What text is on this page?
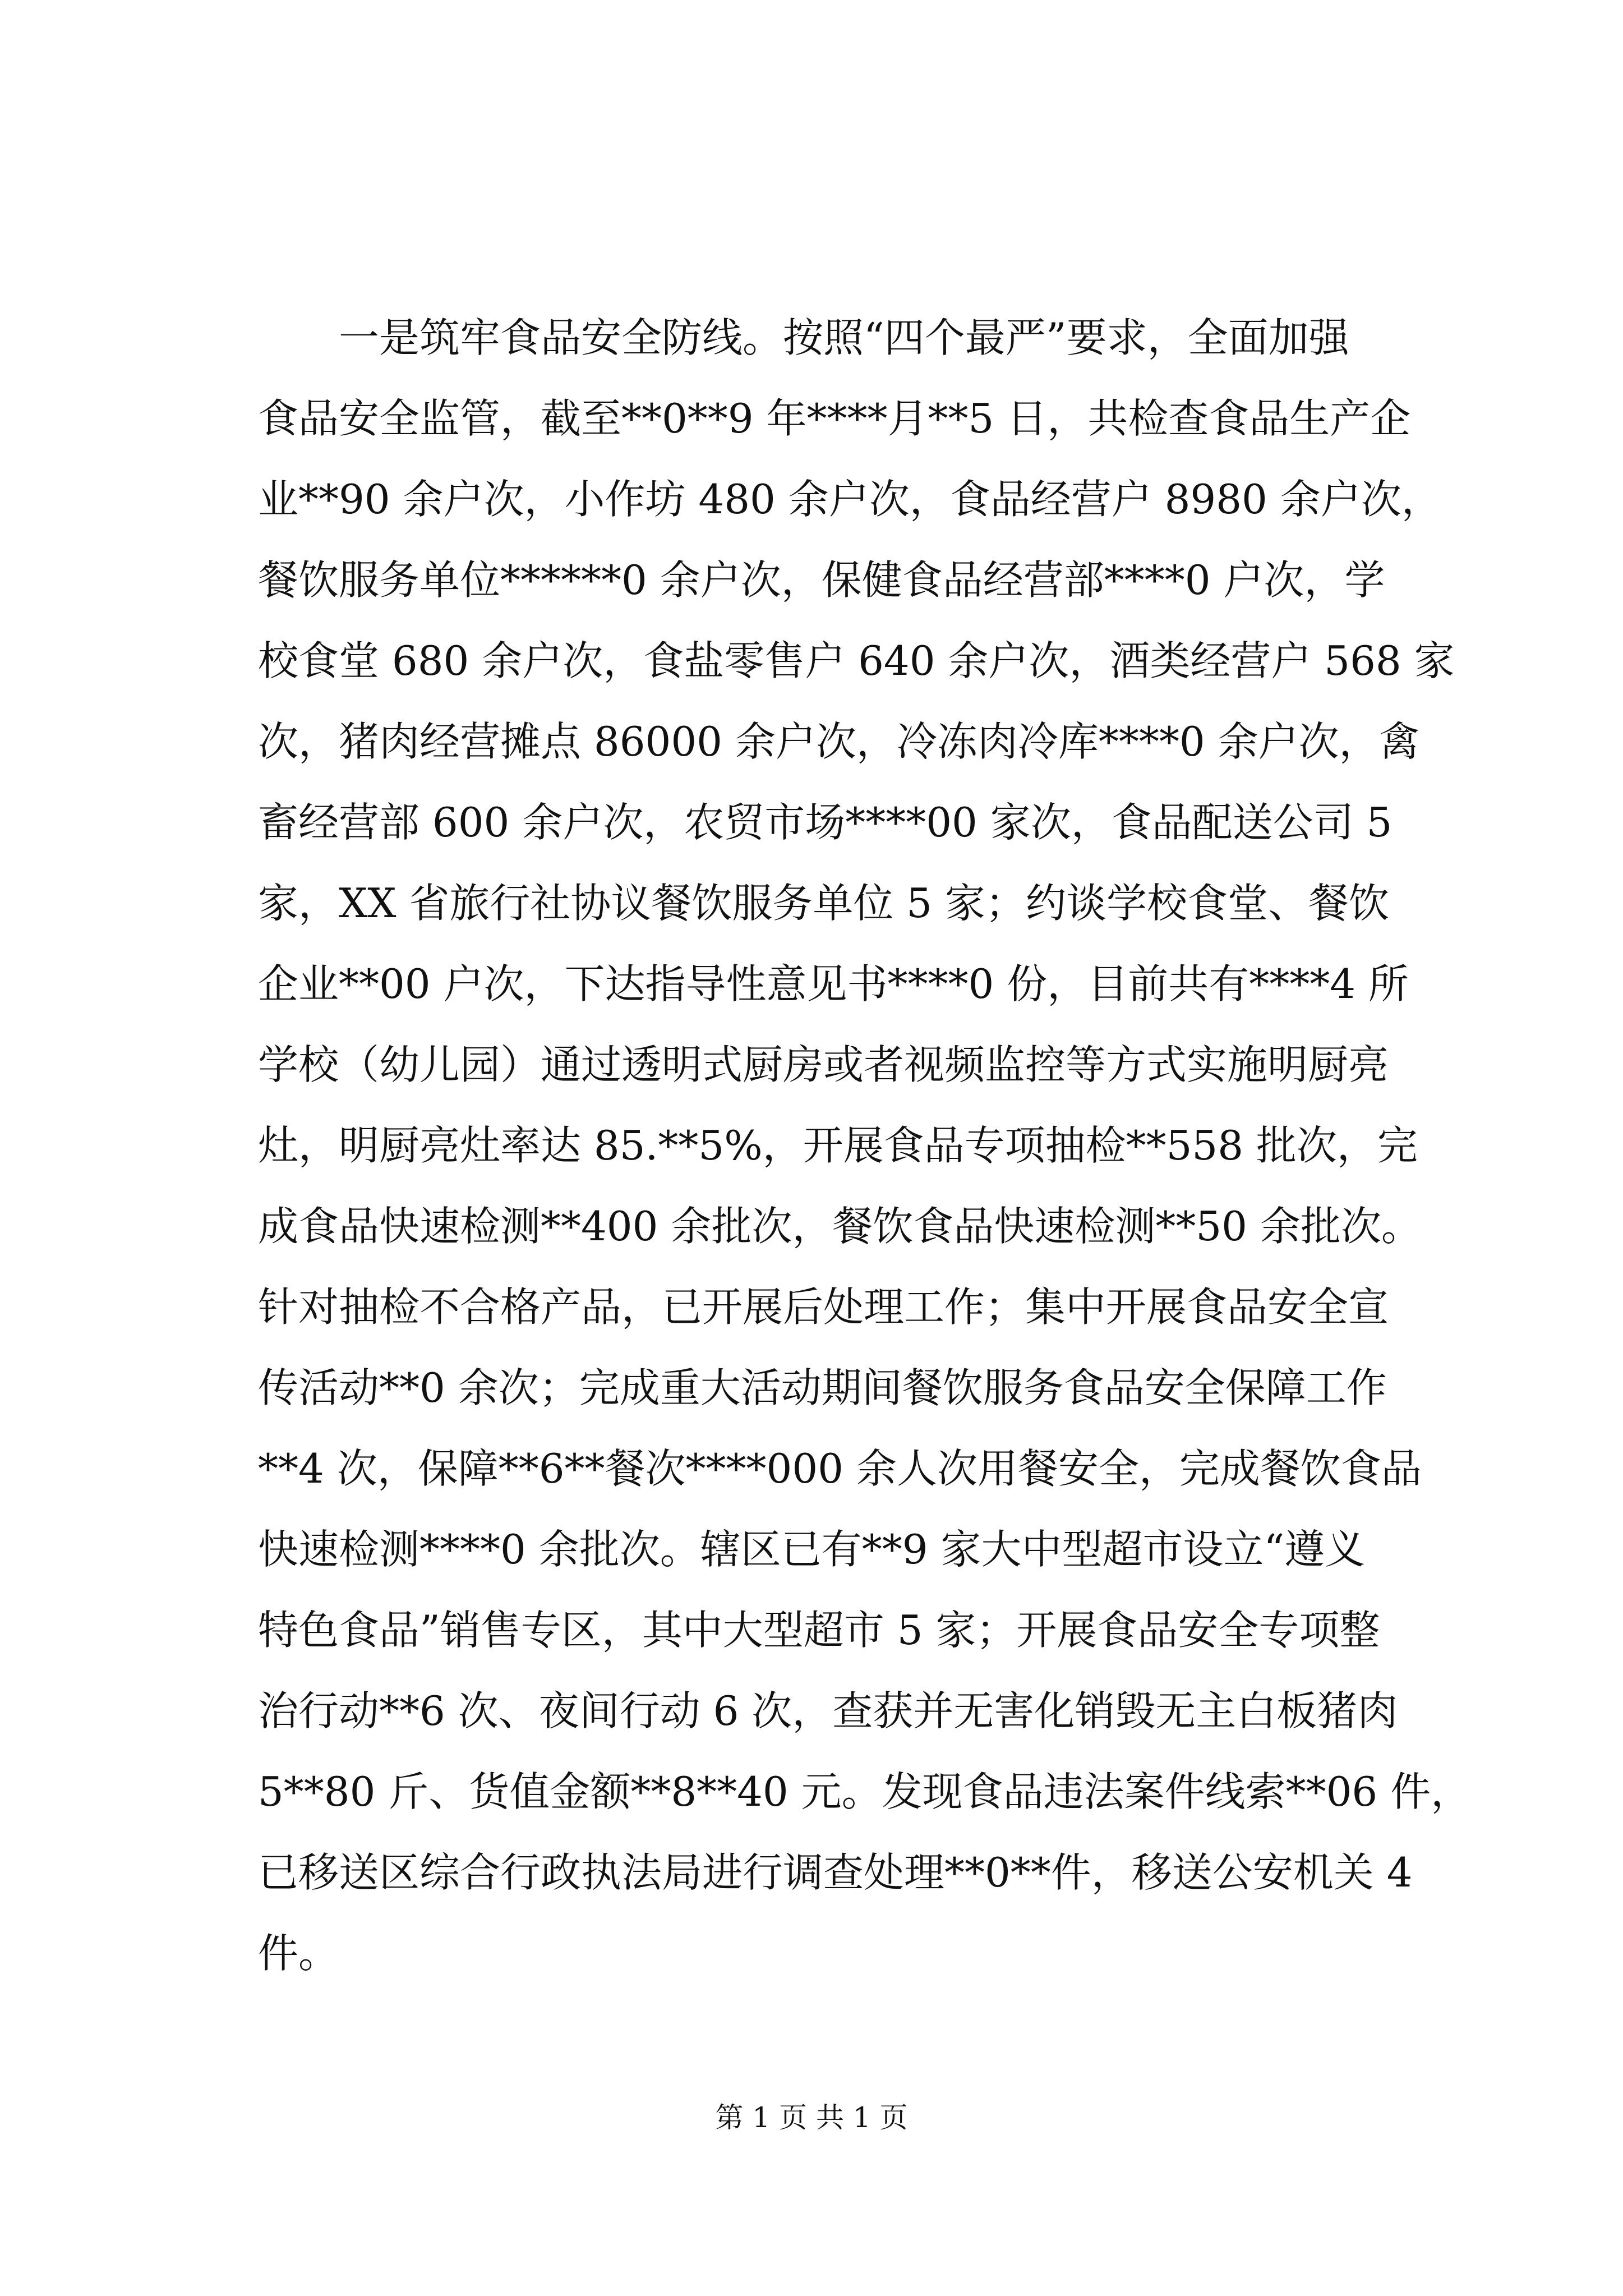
一是筑牢食品安全防线。按照“四个最严”要求，全面加强
食品安全监管，截至**0**9 年****月**5 日，共检查食品生产企
业**90 余户次，小作坊 480 余户次，食品经营户 8980 余户次，
餐饮服务单位******0 余户次，保健食品经营部****0 户次，学
校食堂 680 余户次，食盐零售户 640 余户次，酒类经营户 568 家
次，猪肉经营摊点 86000 余户次，冷冻肉冷库****0 余户次，禽
畜经营部 600 余户次，农贸市场****00 家次，食品配送公司 5
家，XX 省旅行社协议餐饮服务单位 5 家；约谈学校食堂、餐饮
企业**00 户次，下达指导性意见书****0 份，目前共有****4 所
学校（幼儿园）通过透明式厨房或者视频监控等方式实施明厨亮
灶，明厨亮灶率达 85.**5%，开展食品专项抽检**558 批次，完
成食品快速检测**400 余批次，餐饮食品快速检测**50 余批次。
针对抽检不合格产品，已开展后处理工作；集中开展食品安全宣
传活动**0 余次；完成重大活动期间餐饮服务食品安全保障工作
**4 次，保障**6**餐次****000 余人次用餐安全，完成餐饮食品
快速检测****0 余批次。辖区已有**9 家大中型超市设立“遵义
特色食品”销售专区，其中大型超市 5 家；开展食品安全专项整
治行动**6 次、夜间行动 6 次，查获并无害化销毁无主白板猪肉
5**80 斤、货值金额**8**40 元。发现食品违法案件线索**06 件，
已移送区综合行政执法局进行调查处理**0**件，移送公安机关 4
件。
第 1 页 共 1 页
